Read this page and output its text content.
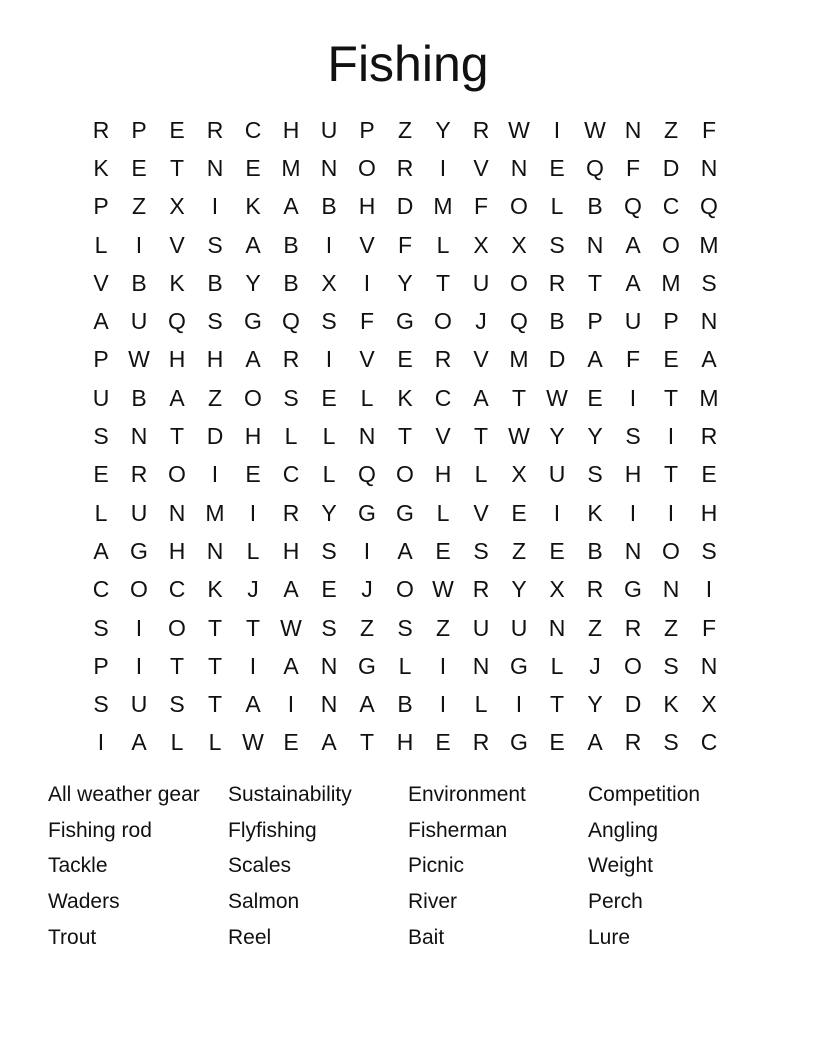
Fishing
R P E R C H U P	Z	Y R W	I	W N Z	F
K E	T N E M N O R	I	V N E Q F D N
P	Z	X	I	K A B H D M F O L	B Q C Q
L	I	V S A B	I	V	F	L	X X S N A O M
V B K B Y B X	I	Y	T U O R T	A M S
A U Q S G Q S	F G O	J	Q B P U P N
P W H H A R	I	V E R V M D A	F	E A
U B A	Z O S E	L	K C A	T W E	I	T M
S N T D H	L	L	N T	V	T W Y Y S	I	R
E R O	I	E C	L Q O H	L	X U S H T	E
L	U N M	I	R Y G G L	V E	I	K	I	I	H
A G H N	L	H S	I	A E S	Z	E B N O S
C O C K	J	A E	J	O W R Y X R G N	I
S	I	O T	T W S	Z	S	Z U U N Z R Z	F
P	I	T	T	I	A N G L	I	N G L	J	O S N
S U S	T	A	I	N A B	I	L	I	T	Y D K X
I	A	L	L W E A	T H E R G E A R S C
All weather gear	Sustainability	Environment	Competition
Fishing rod	Flyfishing	Fisherman	Angling
Tackle	Scales	Picnic	Weight
Waders	Salmon	River	Perch
Trout	Reel	Bait	Lure
